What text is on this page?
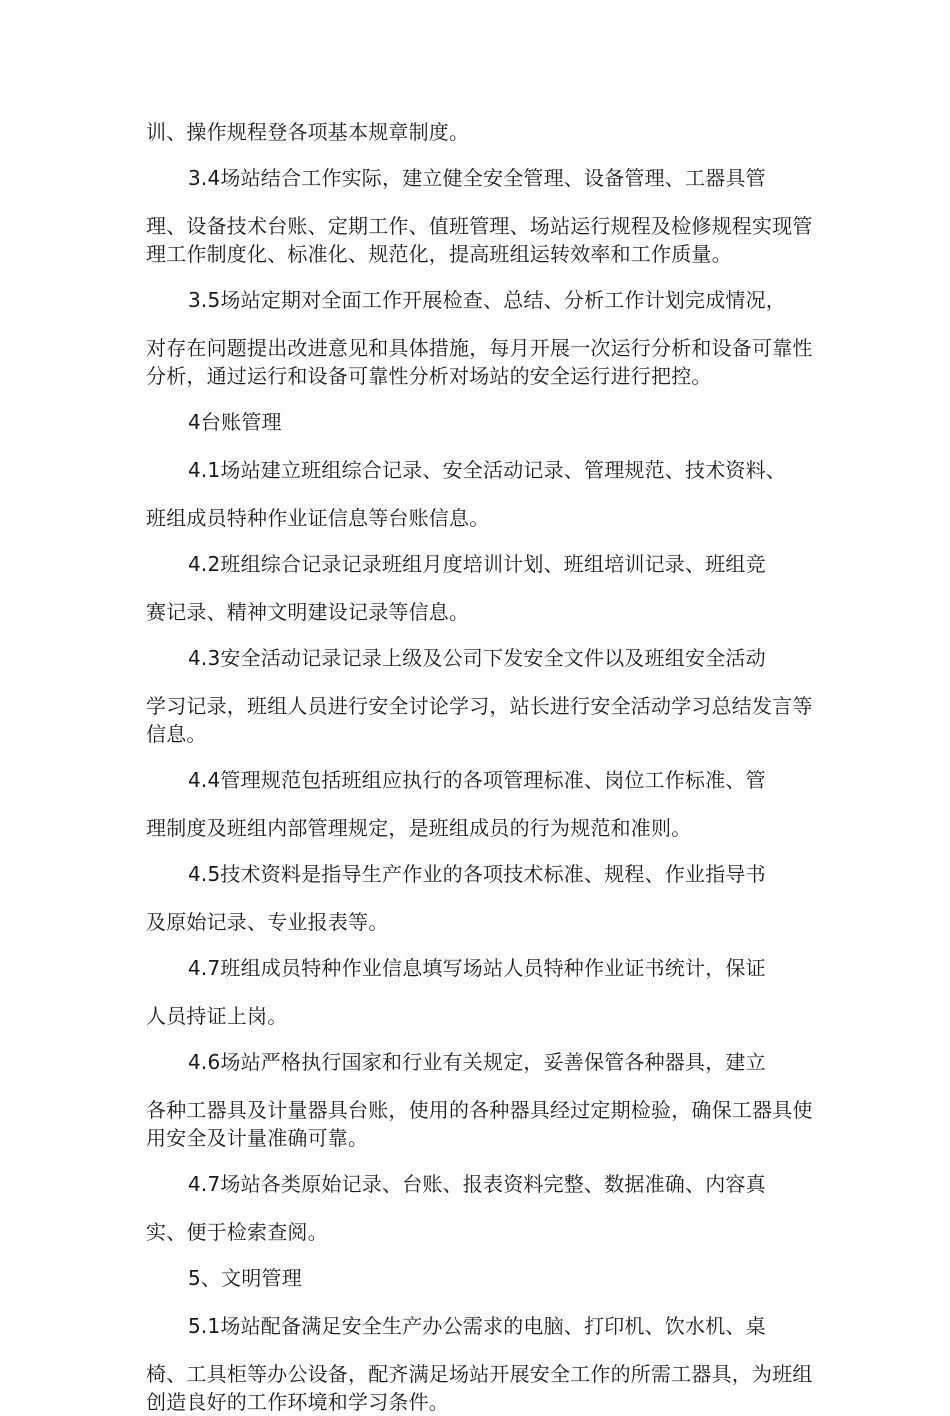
训、操作规程登各项基本规章制度。

3.4场站结合工作实际，建立健全安全管理、设备管理、工器具管

理、设备技术台账、定期工作、值班管理、场站运行规程及检修规程实现管理工作制度化、标准化、规范化，提高班组运转效率和工作质量。

3.5场站定期对全面工作开展检查、总结、分析工作计划完成情况，

对存在问题提出改进意见和具体措施，每月开展一次运行分析和设备可靠性分析，通过运行和设备可靠性分析对场站的安全运行进行把控。

4台账管理

4.1场站建立班组综合记录、安全活动记录、管理规范、技术资料、

班组成员特种作业证信息等台账信息。

4.2班组综合记录记录班组月度培训计划、班组培训记录、班组竞

赛记录、精神文明建设记录等信息。

4.3安全活动记录记录上级及公司下发安全文件以及班组安全活动

学习记录，班组人员进行安全讨论学习，站长进行安全活动学习总结发言等信息。

4.4管理规范包括班组应执行的各项管理标准、岗位工作标准、管

理制度及班组内部管理规定，是班组成员的行为规范和准则。

4.5技术资料是指导生产作业的各项技术标准、规程、作业指导书

及原始记录、专业报表等。

4.7班组成员特种作业信息填写场站人员特种作业证书统计，保证

人员持证上岗。

4.6场站严格执行国家和行业有关规定，妥善保管各种器具，建立

各种工器具及计量器具台账，使用的各种器具经过定期检验，确保工器具使用安全及计量准确可靠。

4.7场站各类原始记录、台账、报表资料完整、数据准确、内容真

实、便于检索查阅。

5、文明管理

5.1场站配备满足安全生产办公需求的电脑、打印机、饮水机、桌

椅、工具柜等办公设备，配齐满足场站开展安全工作的所需工器具，为班组创造良好的工作环境和学习条件。
